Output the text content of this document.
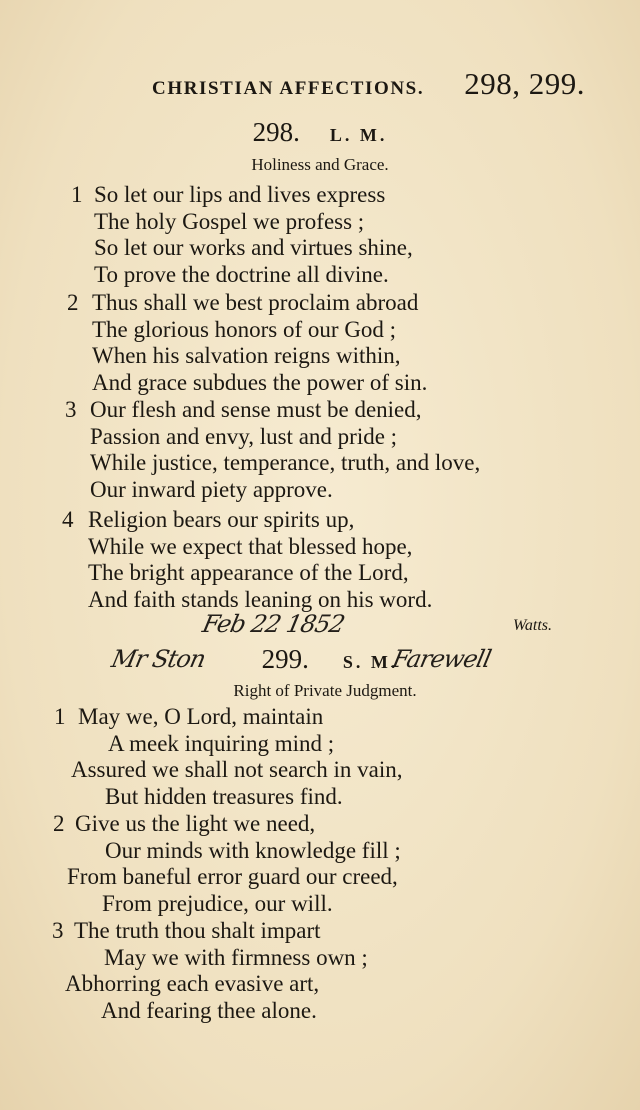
CHRISTIAN AFFECTIONS. 298, 299.
298. L. M.
Holiness and Grace.
1 So let our lips and lives express
The holy Gospel we profess ;
So let our works and virtues shine,
To prove the doctrine all divine.
2 Thus shall we best proclaim abroad
The glorious honors of our God ;
When his salvation reigns within,
And grace subdues the power of sin.
3 Our flesh and sense must be denied,
Passion and envy, lust and pride ;
While justice, temperance, truth, and love,
Our inward piety approve.
4 Religion bears our spirits up,
While we expect that blessed hope,
The bright appearance of the Lord,
And faith stands leaning on his word.
Watts.
Feb 22 1852
Mr Ston	Farewell
299. S. M.
Right of Private Judgment.
1 May we, O Lord, maintain
A meek inquiring mind ;
Assured we shall not search in vain,
But hidden treasures find.
2 Give us the light we need,
Our minds with knowledge fill ;
From baneful error guard our creed,
From prejudice, our will.
3 The truth thou shalt impart
May we with firmness own ;
Abhorring each evasive art,
And fearing thee alone.
